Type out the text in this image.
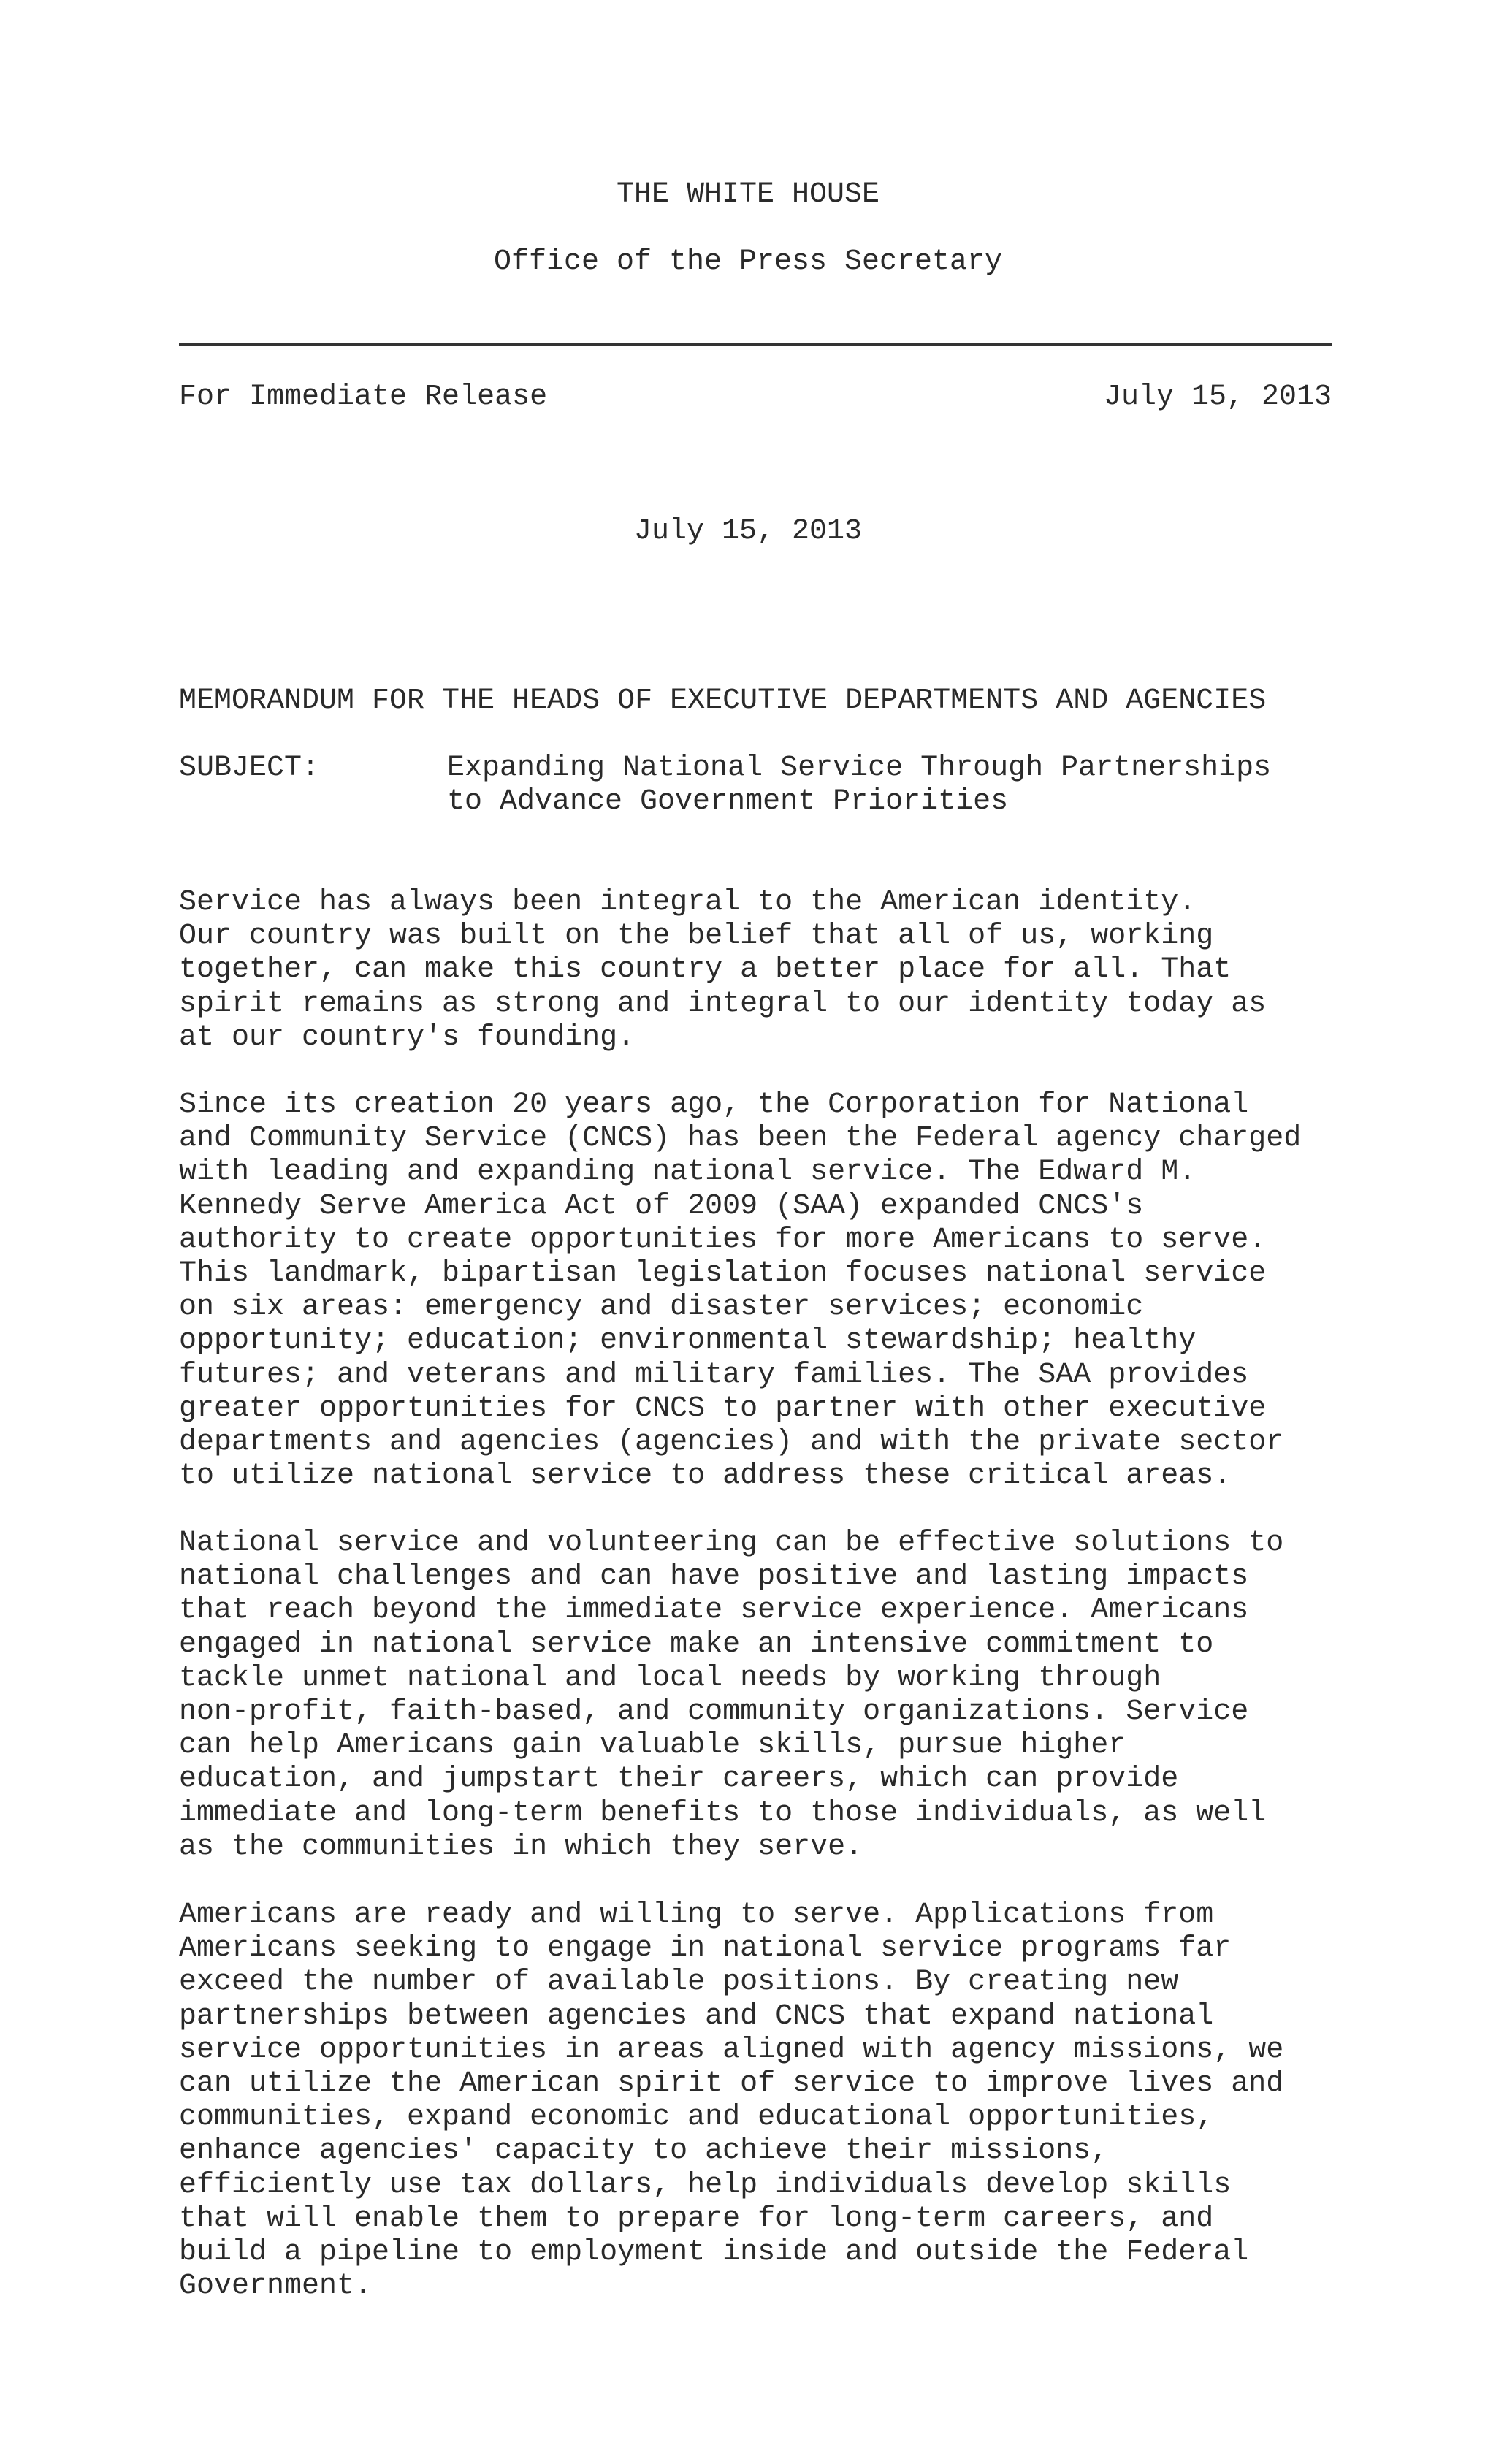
THE WHITE HOUSE

Office of the Press Secretary

For Immediate Release	July 15, 2013

July 15, 2013

MEMORANDUM FOR THE HEADS OF EXECUTIVE DEPARTMENTS AND AGENCIES

SUBJECT:	Expanding National Service Through Partnerships

to Advance Government Priorities

Service has always been integral to the American identity.
Our country was built on the belief that all of us, working
together, can make this country a better place for all. That
spirit remains as strong and integral to our identity today as
at our country's founding.

Since its creation 20 years ago, the Corporation for National
and Community Service (CNCS) has been the Federal agency charged
with leading and expanding national service. The Edward M.
Kennedy Serve America Act of 2009 (SAA) expanded CNCS's
authority to create opportunities for more Americans to serve.
This landmark, bipartisan legislation focuses national service
on six areas: emergency and disaster services; economic
opportunity; education; environmental stewardship; healthy
futures; and veterans and military families. The SAA provides
greater opportunities for CNCS to partner with other executive
departments and agencies (agencies) and with the private sector
to utilize national service to address these critical areas.

National service and volunteering can be effective solutions to
national challenges and can have positive and lasting impacts
that reach beyond the immediate service experience. Americans
engaged in national service make an intensive commitment to
tackle unmet national and local needs by working through
non-profit, faith-based, and community organizations. Service
can help Americans gain valuable skills, pursue higher
education, and jumpstart their careers, which can provide
immediate and long-term benefits to those individuals, as well
as the communities in which they serve.

Americans are ready and willing to serve. Applications from
Americans seeking to engage in national service programs far
exceed the number of available positions. By creating new
partnerships between agencies and CNCS that expand national
service opportunities in areas aligned with agency missions, we
can utilize the American spirit of service to improve lives and
communities, expand economic and educational opportunities,
enhance agencies' capacity to achieve their missions,
efficiently use tax dollars, help individuals develop skills
that will enable them to prepare for long-term careers, and
build a pipeline to employment inside and outside the Federal
Government.
